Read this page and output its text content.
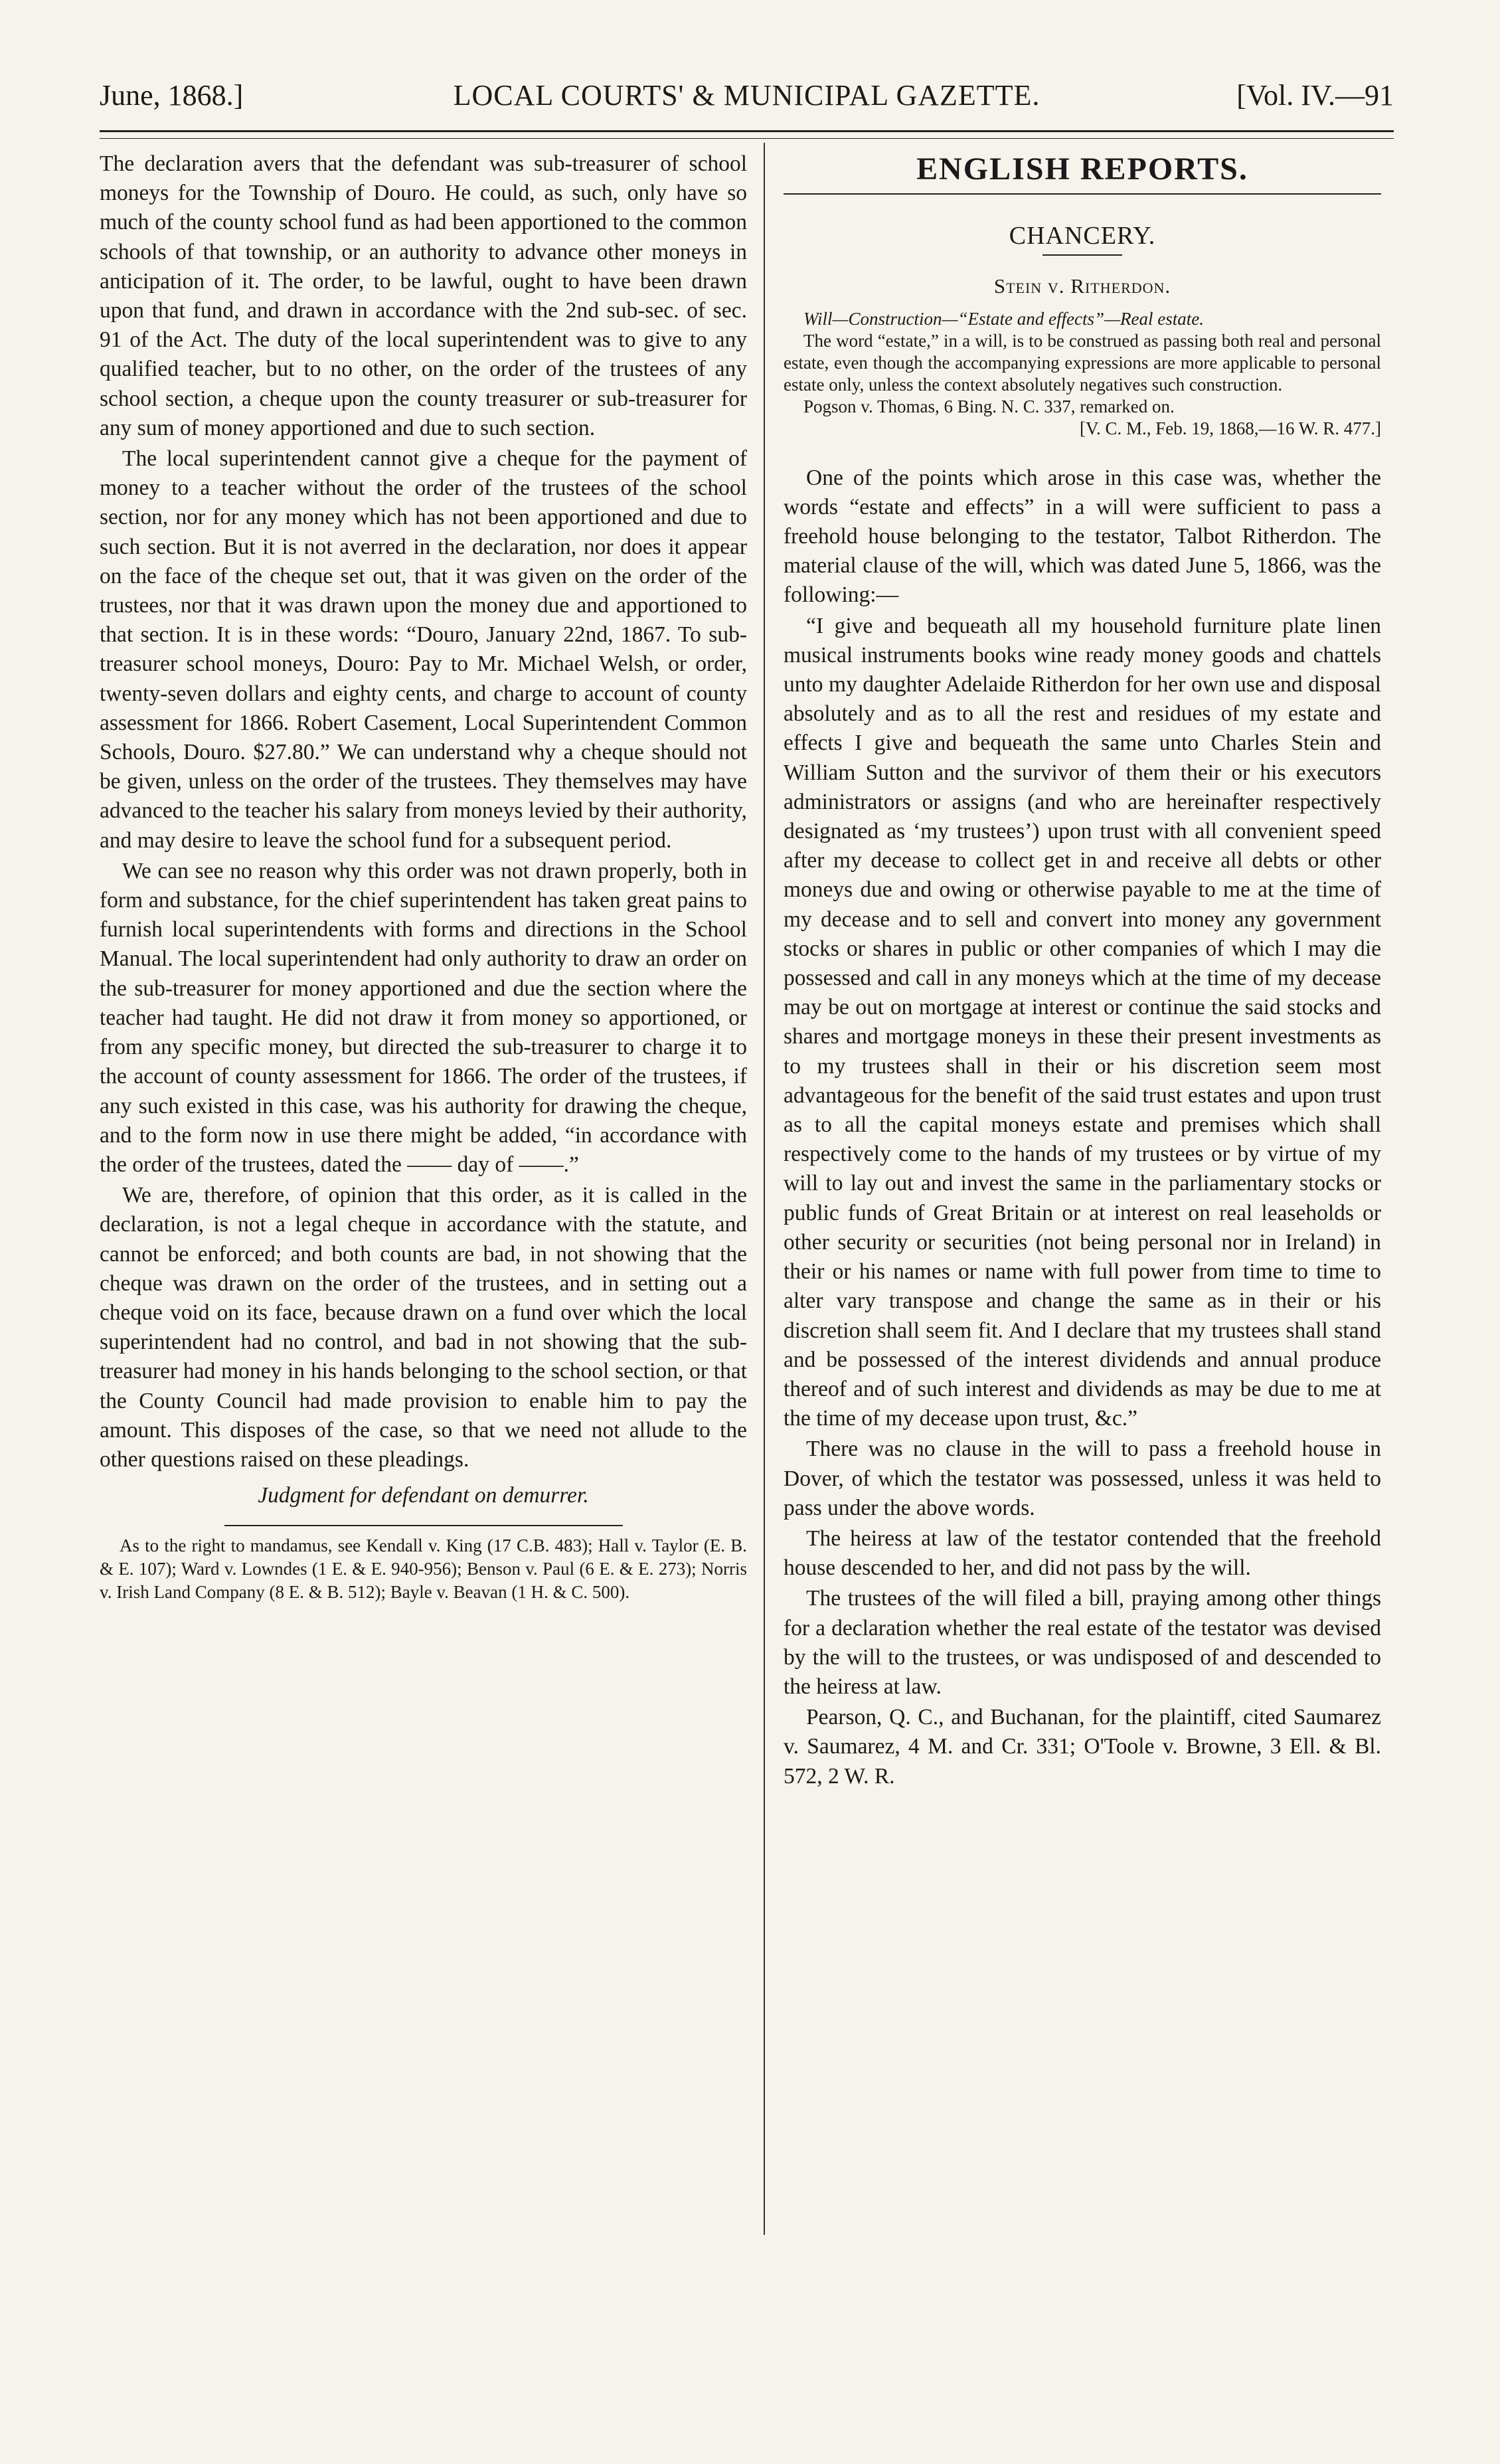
June, 1868.]	LOCAL COURTS' & MUNICIPAL GAZETTE.	[Vol. IV.—91

The declaration avers that the defendant was sub-treasurer of school moneys for the Township of Douro. He could, as such, only have so much of the county school fund as had been apportioned to the common schools of that township, or an authority to advance other moneys in anticipation of it. The order, to be lawful, ought to have been drawn upon that fund, and drawn in accordance with the 2nd sub-sec. of sec. 91 of the Act. The duty of the local superintendent was to give to any qualified teacher, but to no other, on the order of the trustees of any school section, a cheque upon the county treasurer or sub-treasurer for any sum of money apportioned and due to such section.

The local superintendent cannot give a cheque for the payment of money to a teacher without the order of the trustees of the school section, nor for any money which has not been apportioned and due to such section. But it is not averred in the declaration, nor does it appear on the face of the cheque set out, that it was given on the order of the trustees, nor that it was drawn upon the money due and apportioned to that section. It is in these words: “Douro, January 22nd, 1867. To sub-treasurer school moneys, Douro: Pay to Mr. Michael Welsh, or order, twenty-seven dollars and eighty cents, and charge to account of county assessment for 1866. Robert Casement, Local Superintendent Common Schools, Douro. $27.80.” We can understand why a cheque should not be given, unless on the order of the trustees. They themselves may have advanced to the teacher his salary from moneys levied by their authority, and may desire to leave the school fund for a subsequent period.

We can see no reason why this order was not drawn properly, both in form and substance, for the chief superintendent has taken great pains to furnish local superintendents with forms and directions in the School Manual. The local superintendent had only authority to draw an order on the sub-treasurer for money apportioned and due the section where the teacher had taught. He did not draw it from money so apportioned, or from any specific money, but directed the sub-treasurer to charge it to the account of county assessment for 1866. The order of the trustees, if any such existed in this case, was his authority for drawing the cheque, and to the form now in use there might be added, “in accordance with the order of the trustees, dated the —— day of ——.”

We are, therefore, of opinion that this order, as it is called in the declaration, is not a legal cheque in accordance with the statute, and cannot be enforced; and both counts are bad, in not showing that the cheque was drawn on the order of the trustees, and in setting out a cheque void on its face, because drawn on a fund over which the local superintendent had no control, and bad in not showing that the sub-treasurer had money in his hands belonging to the school section, or that the County Council had made provision to enable him to pay the amount. This disposes of the case, so that we need not allude to the other questions raised on these pleadings.

Judgment for defendant on demurrer.

As to the right to mandamus, see Kendall v. King (17 C.B. 483); Hall v. Taylor (E. B. & E. 107); Ward v. Lowndes (1 E. & E. 940-956); Benson v. Paul (6 E. & E. 273); Norris v. Irish Land Company (8 E. & B. 512); Bayle v. Beavan (1 H. & C. 500).

ENGLISH REPORTS.
CHANCERY.
Stein v. Ritherdon.

Will—Construction—“Estate and effects”—Real estate.

The word “estate,” in a will, is to be construed as passing both real and personal estate, even though the accompanying expressions are more applicable to personal estate only, unless the context absolutely negatives such construction.

Pogson v. Thomas, 6 Bing. N. C. 337, remarked on.

[V. C. M., Feb. 19, 1868,—16 W. R. 477.]

One of the points which arose in this case was, whether the words “estate and effects” in a will were sufficient to pass a freehold house belonging to the testator, Talbot Ritherdon. The material clause of the will, which was dated June 5, 1866, was the following:—

“I give and bequeath all my household furniture plate linen musical instruments books wine ready money goods and chattels unto my daughter Adelaide Ritherdon for her own use and disposal absolutely and as to all the rest and residues of my estate and effects I give and bequeath the same unto Charles Stein and William Sutton and the survivor of them their or his executors administrators or assigns (and who are hereinafter respectively designated as ‘my trustees’) upon trust with all convenient speed after my decease to collect get in and receive all debts or other moneys due and owing or otherwise payable to me at the time of my decease and to sell and convert into money any government stocks or shares in public or other companies of which I may die possessed and call in any moneys which at the time of my decease may be out on mortgage at interest or continue the said stocks and shares and mortgage moneys in these their present investments as to my trustees shall in their or his discretion seem most advantageous for the benefit of the said trust estates and upon trust as to all the capital moneys estate and premises which shall respectively come to the hands of my trustees or by virtue of my will to lay out and invest the same in the parliamentary stocks or public funds of Great Britain or at interest on real leaseholds or other security or securities (not being personal nor in Ireland) in their or his names or name with full power from time to time to alter vary transpose and change the same as in their or his discretion shall seem fit. And I declare that my trustees shall stand and be possessed of the interest dividends and annual produce thereof and of such interest and dividends as may be due to me at the time of my decease upon trust, &c.”

There was no clause in the will to pass a freehold house in Dover, of which the testator was possessed, unless it was held to pass under the above words.

The heiress at law of the testator contended that the freehold house descended to her, and did not pass by the will.

The trustees of the will filed a bill, praying among other things for a declaration whether the real estate of the testator was devised by the will to the trustees, or was undisposed of and descended to the heiress at law.

Pearson, Q. C., and Buchanan, for the plaintiff, cited Saumarez v. Saumarez, 4 M. and Cr. 331; O'Toole v. Browne, 3 Ell. & Bl. 572, 2 W. R.
